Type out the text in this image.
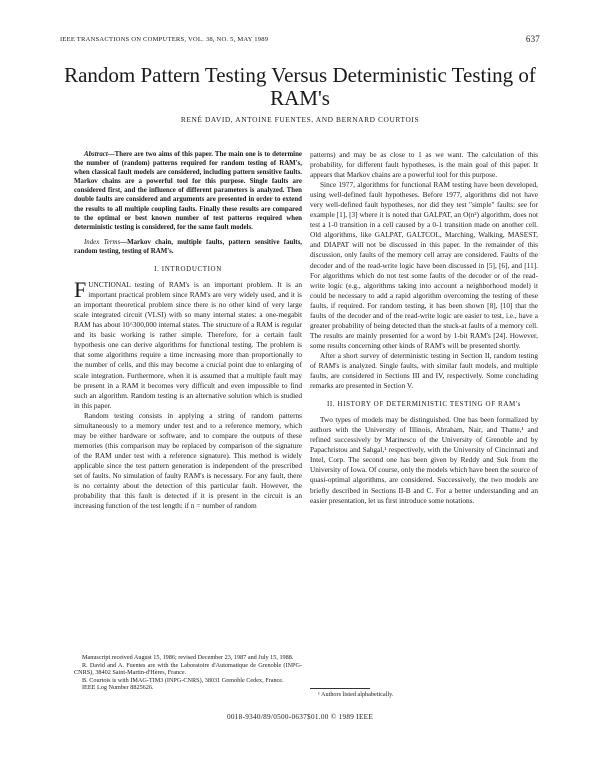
IEEE TRANSACTIONS ON COMPUTERS, VOL. 38, NO. 5, MAY 1989	637
Random Pattern Testing Versus Deterministic Testing of RAM's
RENÉ DAVID, ANTOINE FUENTES, AND BERNARD COURTOIS

Abstract—There are two aims of this paper. The main one is to determine the number of (random) patterns required for random testing of RAM's, when classical fault models are considered, including pattern sensitive faults. Markov chains are a powerful tool for this purpose. Single faults are considered first, and the influence of different parameters is analyzed. Then double faults are considered and arguments are presented in order to extend the results to all multiple coupling faults. Finally these results are compared to the optimal or best known number of test patterns required when deterministic testing is considered, for the same fault models.

Index Terms—Markov chain, multiple faults, pattern sensitive faults, random testing, testing of RAM's.

I. INTRODUCTION

FUNCTIONAL testing of RAM's is an important problem. It is an important practical problem since RAM's are very widely used, and it is an important theoretical problem since there is no other kind of very large scale integrated circuit (VLSI) with so many internal states: a one-megabit RAM has about 10^300,000 internal states. The structure of a RAM is regular and its basic working is rather simple. Therefore, for a certain fault hypothesis one can derive algorithms for functional testing. The problem is that some algorithms require a time increasing more than proportionally to the number of cells, and this may become a crucial point due to enlarging of scale integration. Furthermore, when it is assumed that a multiple fault may be present in a RAM it becomes very difficult and even impossible to find such an algorithm. Random testing is an alternative solution which is studied in this paper.

Random testing consists in applying a string of random patterns simultaneously to a memory under test and to a reference memory, which may be either hardware or software, and to compare the outputs of these memories (this comparison may be replaced by comparison of the signature of the RAM under test with a reference signature). This method is widely applicable since the test pattern generation is independent of the prescribed set of faults. No simulation of faulty RAM's is necessary. For any fault, there is no certainty about the detection of this particular fault. However, the probability that this fault is detected if it is present in the circuit is an increasing function of the test length: if n = number of random

Manuscript received August 15, 1986; revised December 23, 1987 and July 15, 1988.

R. David and A. Fuentes are with the Laboratoire d'Automatique de Grenoble (INPG-CNRS), 38402 Saint-Martin-d'Hères, France.

B. Courtois is with IMAG-TIM3 (INPG-CNRS), 38031 Grenoble Cedex, France.

IEEE Log Number 8825626.

patterns) and may be as close to 1 as we want. The calculation of this probability, for different fault hypotheses, is the main goal of this paper. It appears that Markov chains are a powerful tool for this purpose.

Since 1977, algorithms for functional RAM testing have been developed, using well-defined fault hypotheses. Before 1977, algorithms did not have very well-defined fault hypotheses, nor did they test "simple" faults: see for example [1], [3] where it is noted that GALPAT, an O(n²) algorithm, does not test a 1-0 transition in a cell caused by a 0-1 transition made on another cell. Old algorithms, like GALPAT, GALTCOL, Marching, Walking, MASEST, and DIAPAT will not be discussed in this paper. In the remainder of this discussion, only faults of the memory cell array are considered. Faults of the decoder and of the read-write logic have been discussed in [5], [6], and [11]. For algorithms which do not test some faults of the decoder or of the read-write logic (e.g., algorithms taking into account a neighborhood model) it could be necessary to add a rapid algorithm overcoming the testing of these faults, if required. For random testing, it has been shown [8], [10] that the faults of the decoder and of the read-write logic are easier to test, i.e., have a greater probability of being detected than the stuck-at faults of a memory cell. The results are mainly presented for a word by 1-bit RAM's [24]. However, some results concerning other kinds of RAM's will be presented shortly.

After a short survey of deterministic testing in Section II, random testing of RAM's is analyzed. Single faults, with similar fault models, and multiple faults, are considered in Sections III and IV, respectively. Some concluding remarks are presented in Section V.

II. HISTORY OF DETERMINISTIC TESTING OF RAM's

Two types of models may be distinguished. One has been formalized by authors with the University of Illinois, Abraham, Nair, and Thatte,¹ and refined successively by Marinescu of the University of Grenoble and by Papachristou and Sahgal,¹ respectively, with the University of Cincinnati and Intel, Corp. The second one has been given by Reddy and Suk from the University of Iowa. Of course, only the models which have been the source of quasi-optimal algorithms, are considered. Successively, the two models are briefly described in Sections II-B and C. For a better understanding and an easier presentation, let us first introduce some notations.

¹ Authors listed alphabetically.
0018-9340/89/0500-0637$01.00 © 1989 IEEE
